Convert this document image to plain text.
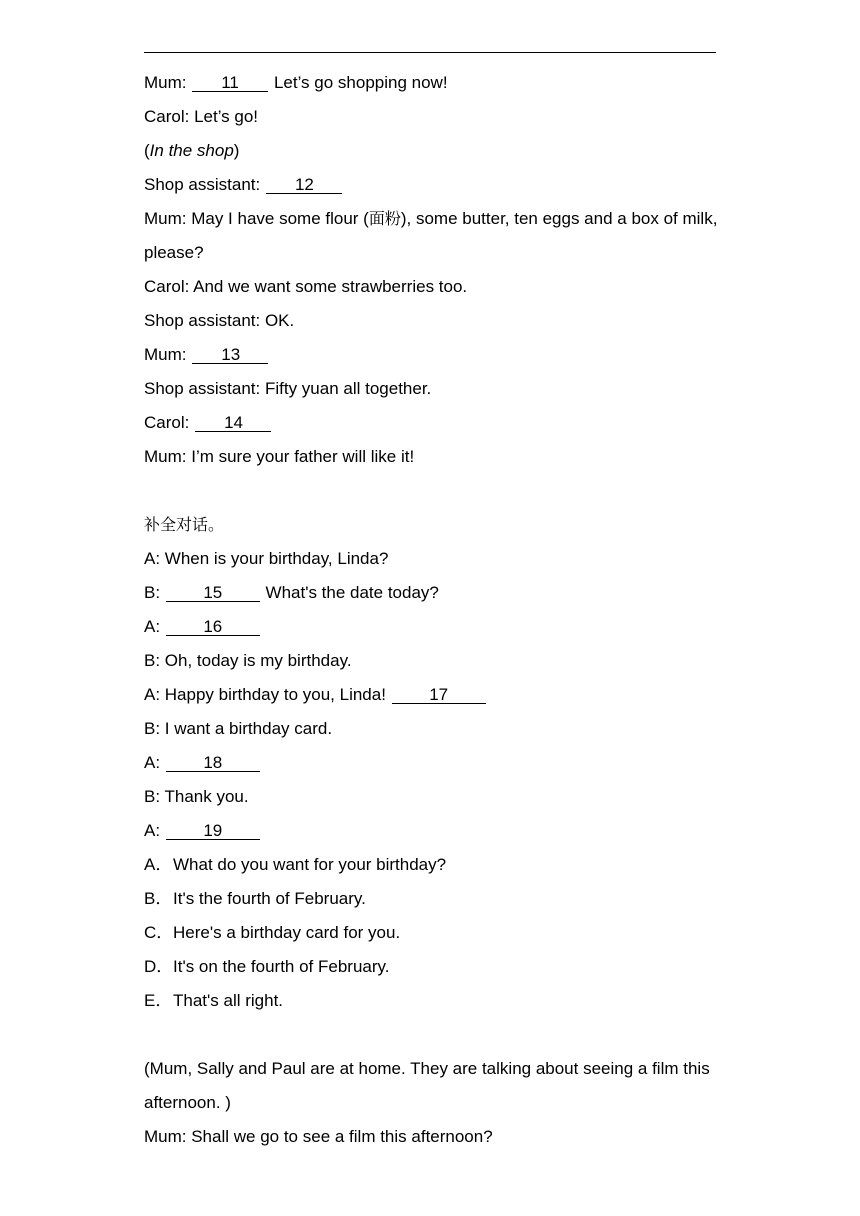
Mum: 11 Let’s go shopping now!
Carol: Let’s go!
(In the shop)
Shop assistant: 12
Mum: May I have some flour (面粉), some butter, ten eggs and a box of milk, please?
Carol: And we want some strawberries too.
Shop assistant: OK.
Mum: 13
Shop assistant: Fifty yuan all together.
Carol: 14
Mum: I’m sure your father will like it!
补全对话。
A: When is your birthday, Linda?
B: 15 What's the date today?
A: 16
B: Oh, today is my birthday.
A: Happy birthday to you, Linda! 17
B: I want a birthday card.
A: 18
B: Thank you.
A: 19
A．What do you want for your birthday?
B．It's the fourth of February.
C．Here's a birthday card for you.
D．It's on the fourth of February.
E．That's all right.
(Mum, Sally and Paul are at home. They are talking about seeing a film this afternoon. )
Mum: Shall we go to see a film this afternoon?
